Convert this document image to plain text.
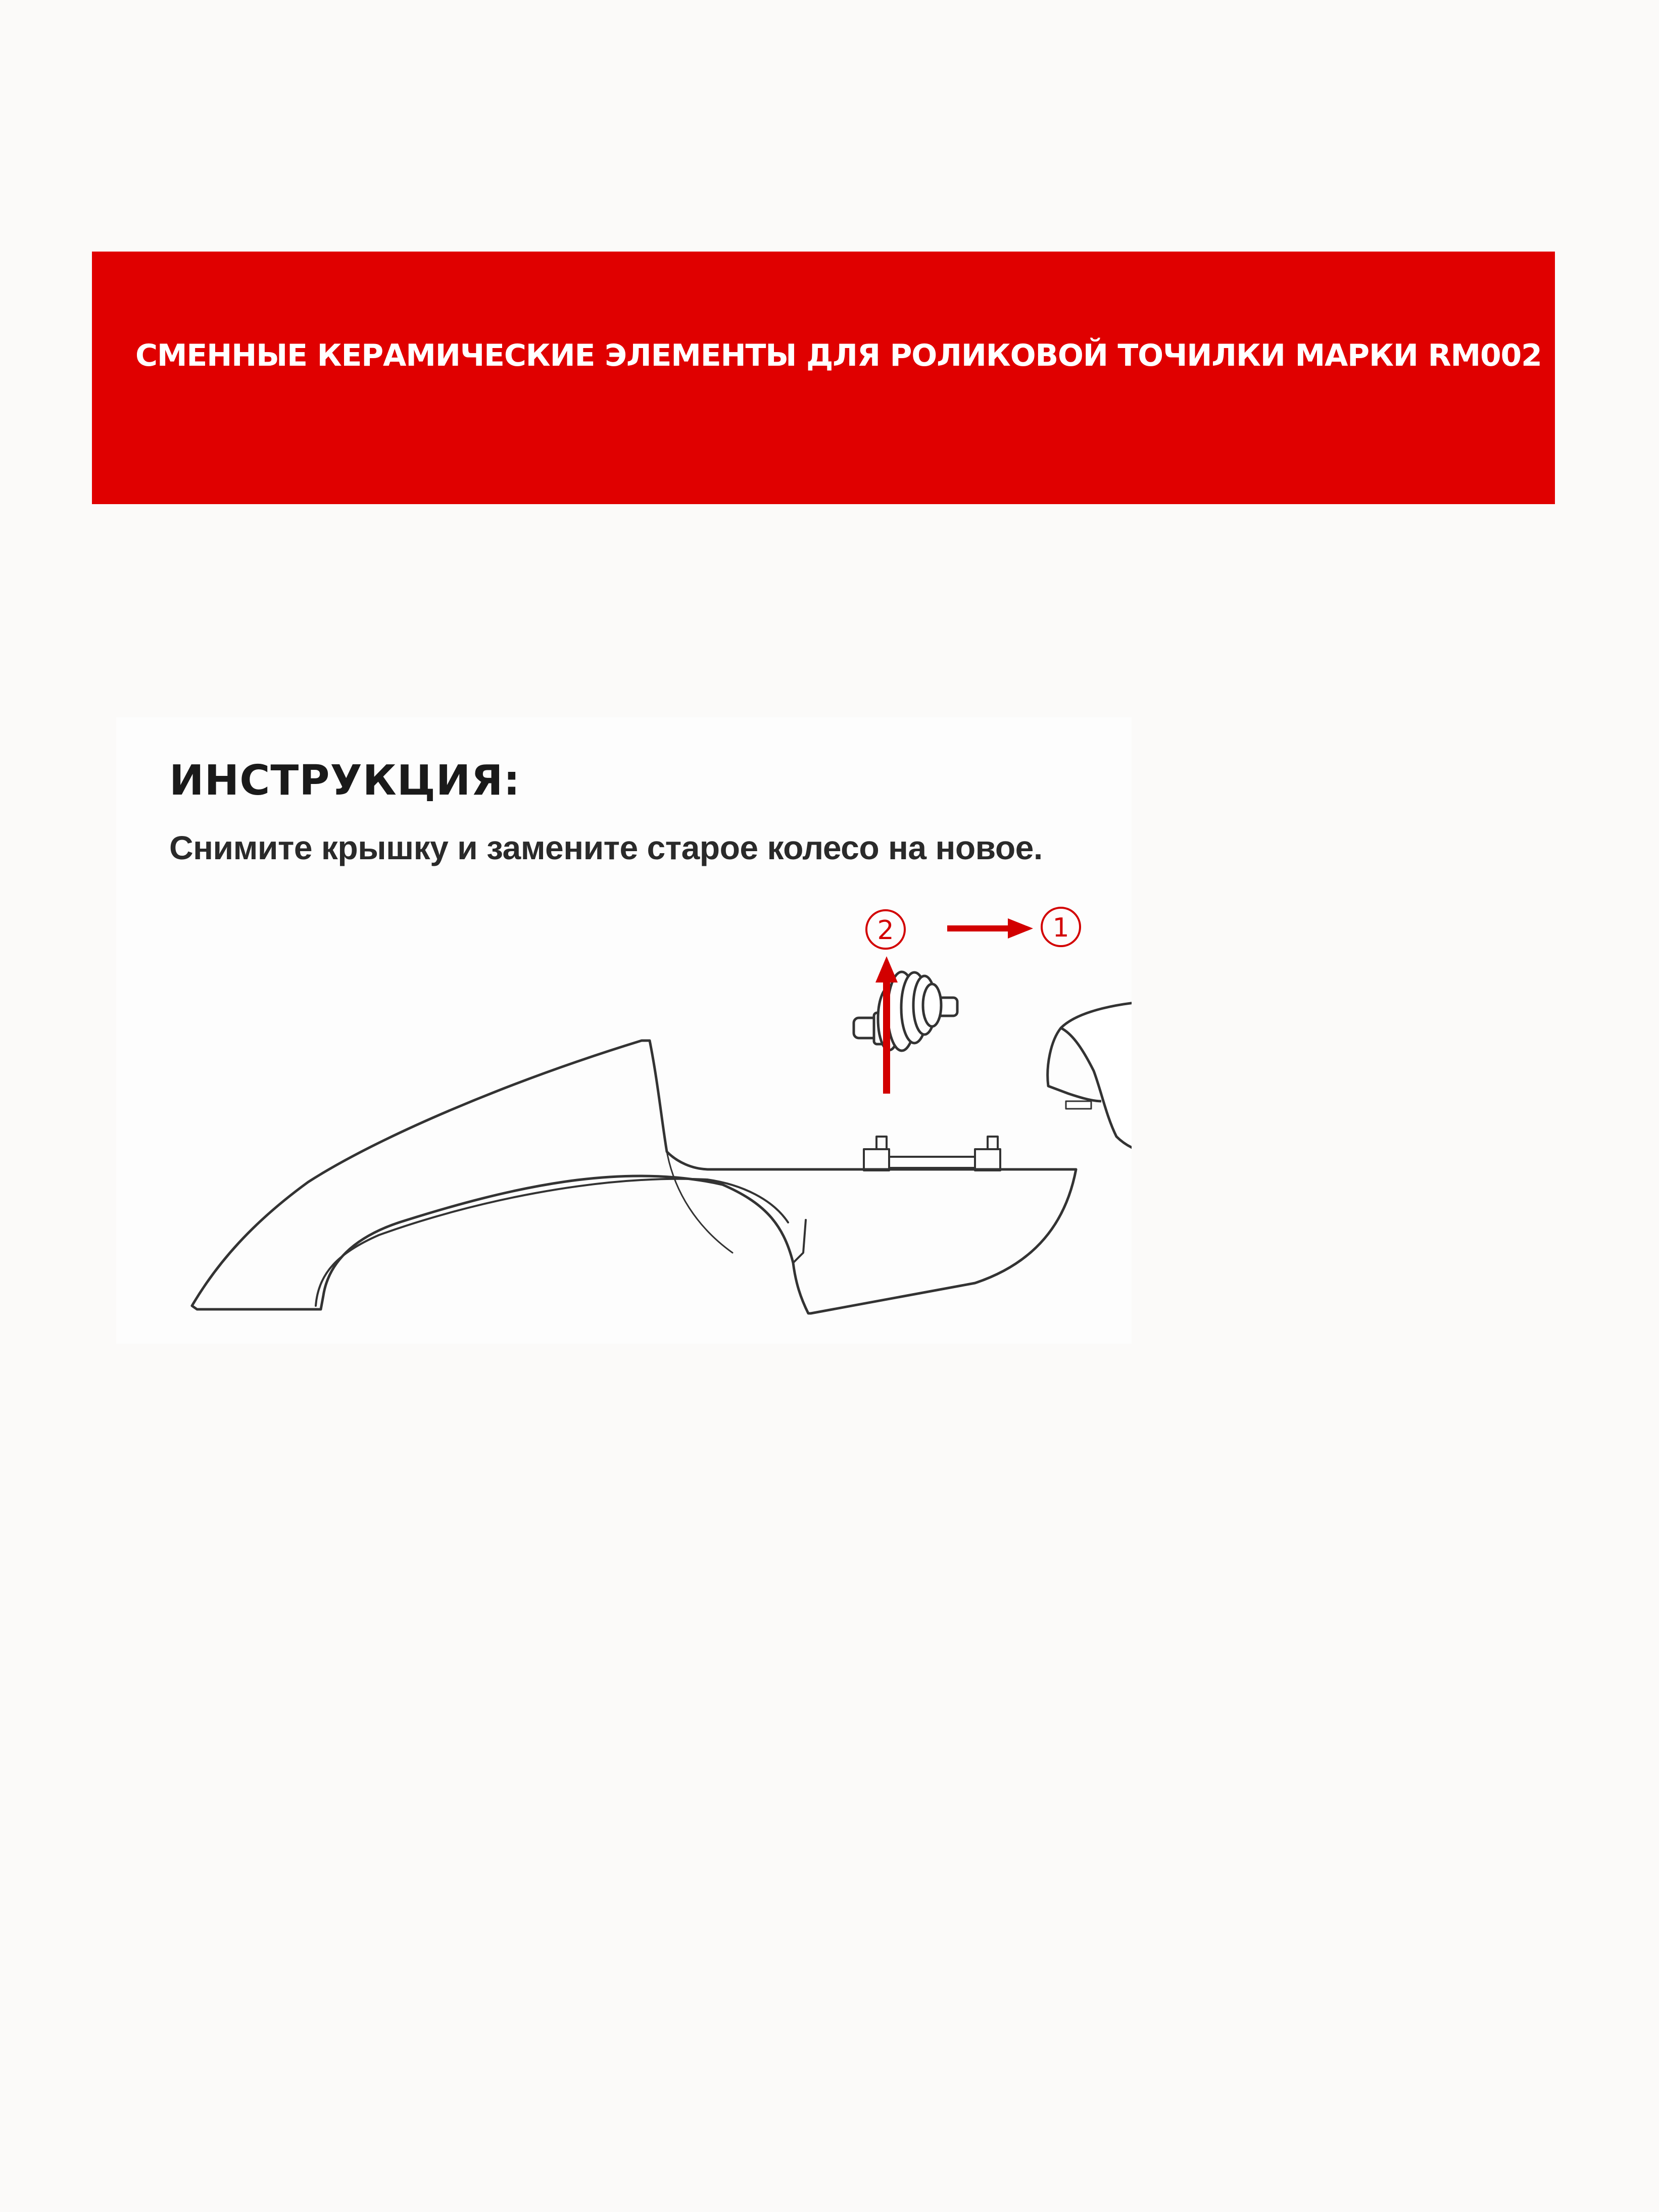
СМЕННЫЕ КЕРАМИЧЕСКИЕ ЭЛЕМЕНТЫ ДЛЯ РОЛИКОВОЙ ТОЧИЛКИ МАРКИ RM002
ИНСТРУКЦИЯ:
Снимите крышку и замените старое колесо на новое.
1
2
